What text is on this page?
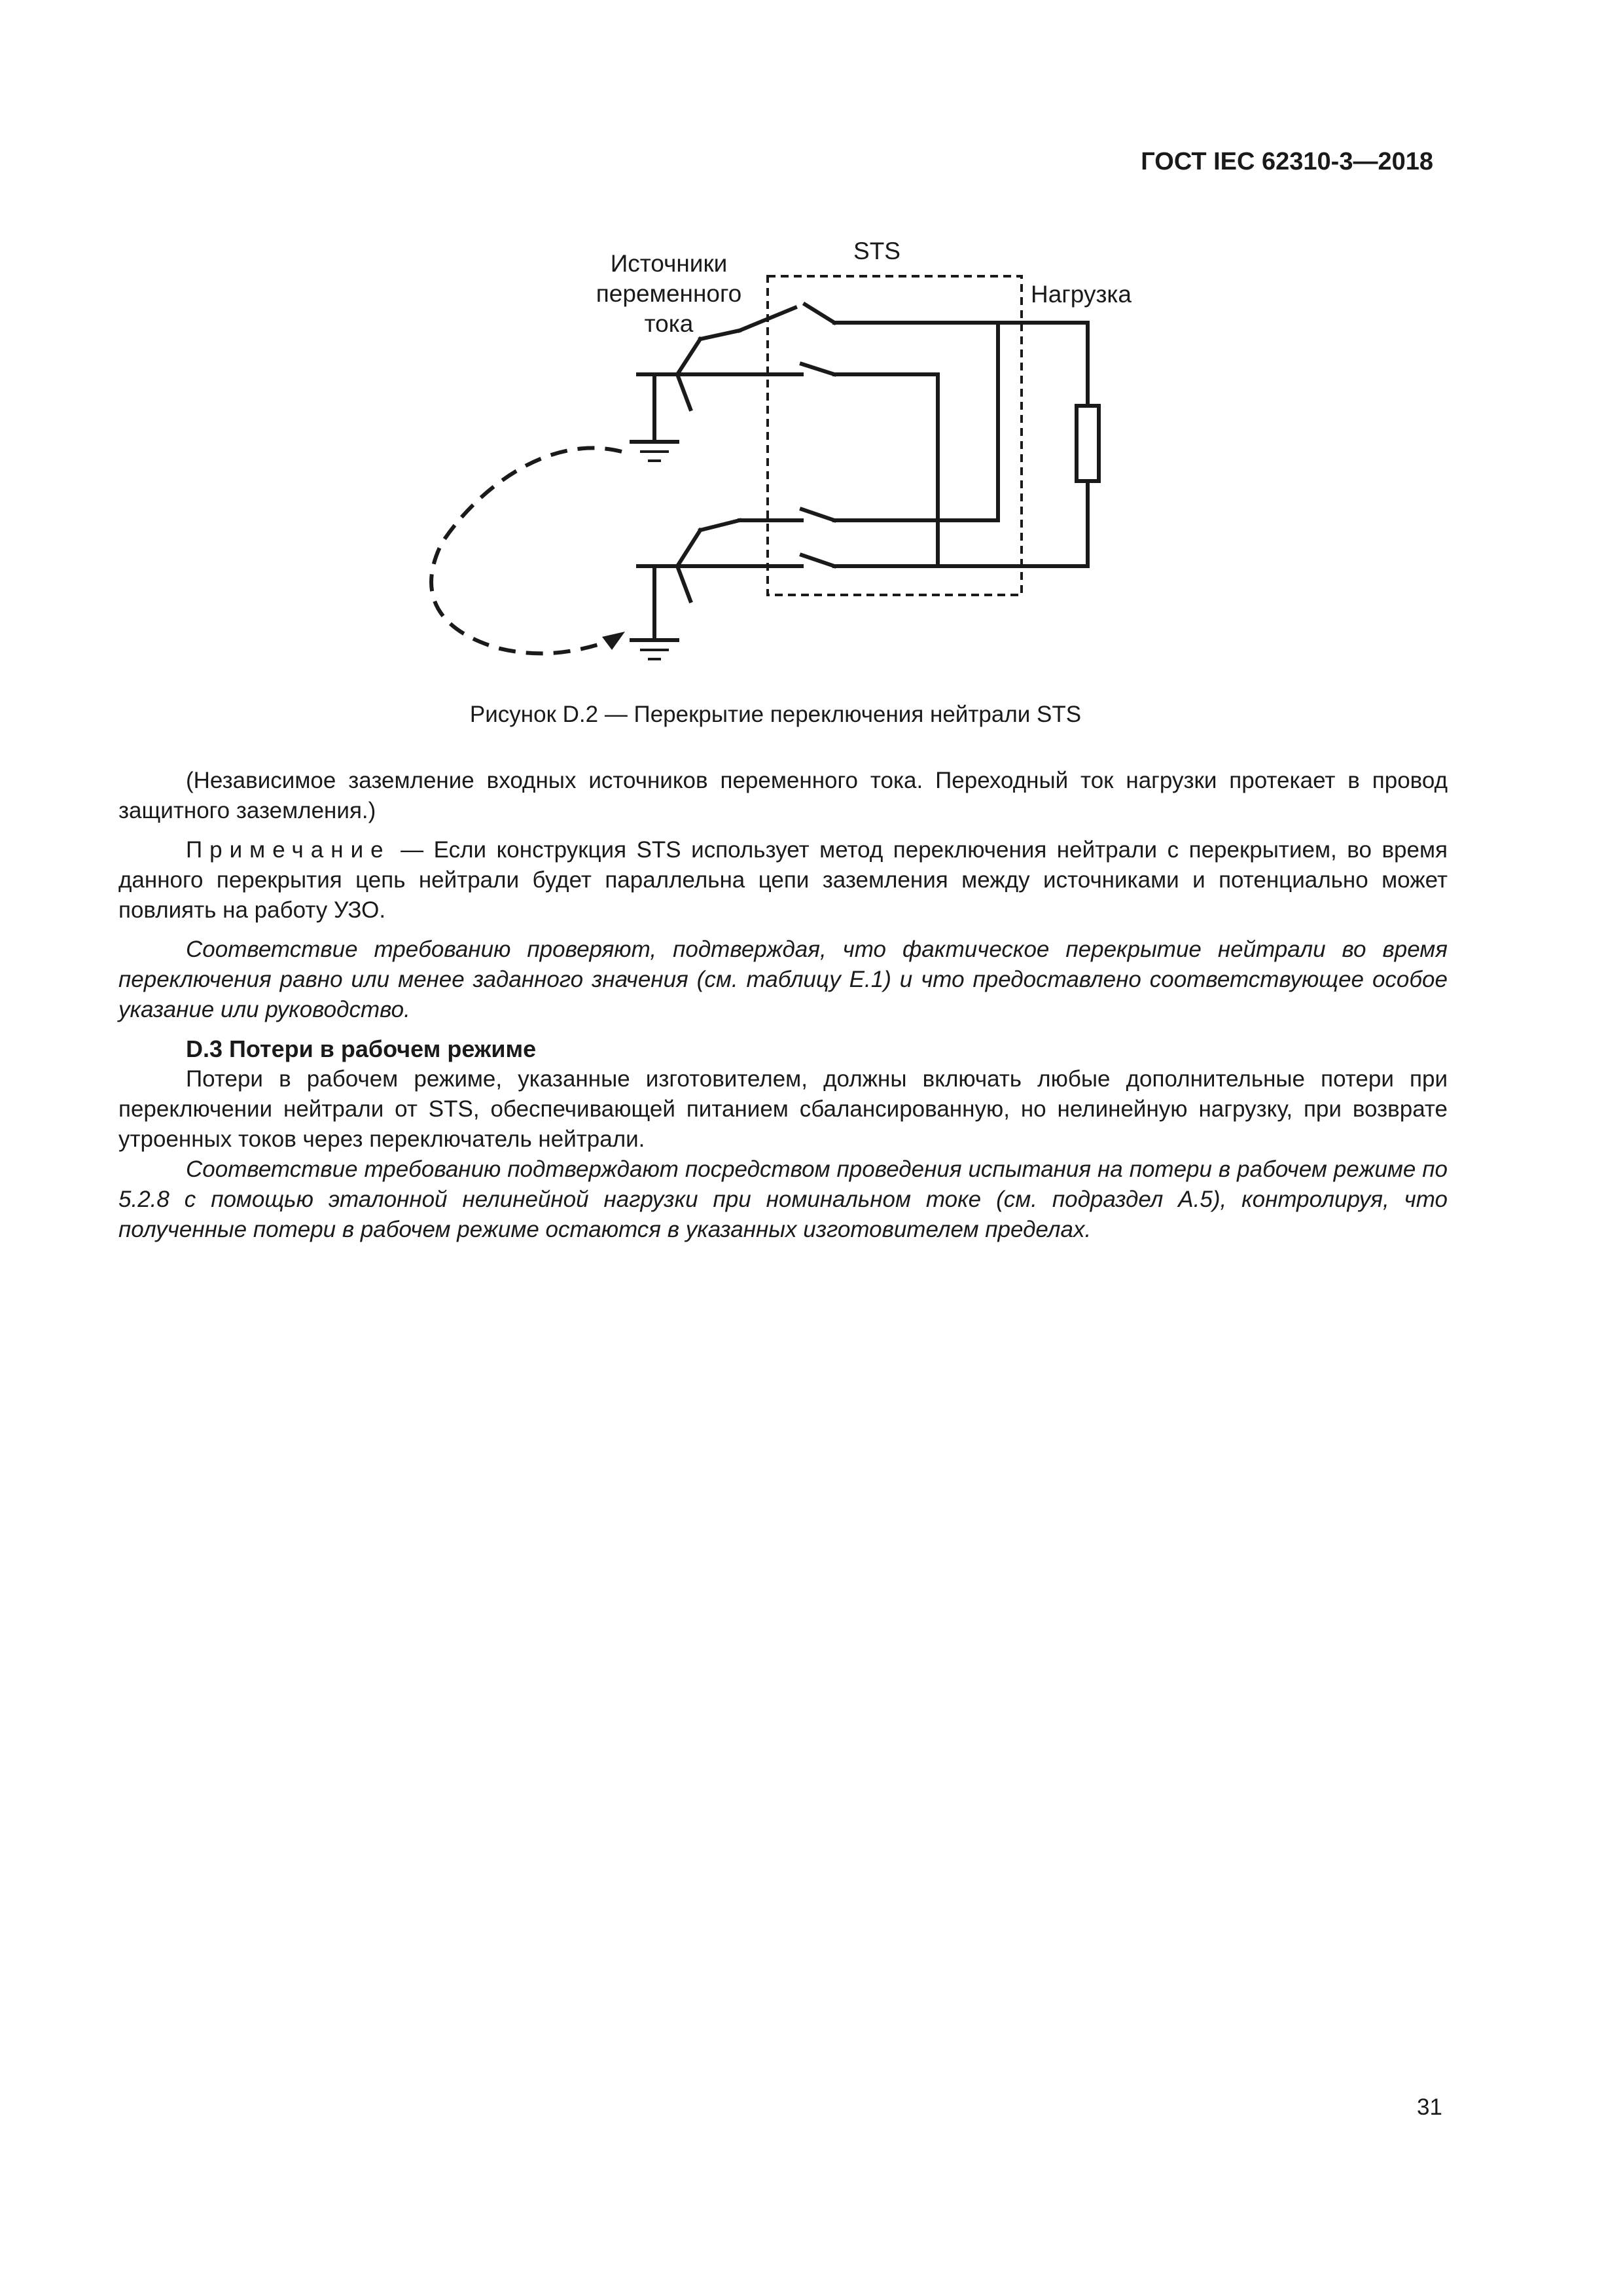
ГОСТ IEC 62310-3—2018
Источники
переменного
тока
STS
Нагрузка
Рисунок D.2 — Перекрытие переключения нейтрали STS

(Независимое заземление входных источников переменного тока. Переходный ток нагрузки протекает в провод защитного заземления.)

Примечание — Если конструкция STS использует метод переключения нейтрали с перекрытием, во время данного перекрытия цепь нейтрали будет параллельна цепи заземления между источниками и потенциально может повлиять на работу УЗО.

Соответствие требованию проверяют, подтверждая, что фактическое перекрытие нейтрали во время переключения равно или менее заданного значения (см. таблицу E.1) и что предоставлено соответствующее особое указание или руководство.

D.3 Потери в рабочем режиме

Потери в рабочем режиме, указанные изготовителем, должны включать любые дополнительные потери при переключении нейтрали от STS, обеспечивающей питанием сбалансированную, но нелинейную нагрузку, при возврате утроенных токов через переключатель нейтрали.

Соответствие требованию подтверждают посредством проведения испытания на потери в рабочем режиме по 5.2.8 с помощью эталонной нелинейной нагрузки при номинальном токе (см. подраздел A.5), контролируя, что полученные потери в рабочем режиме остаются в указанных изготовителем пределах.

31
